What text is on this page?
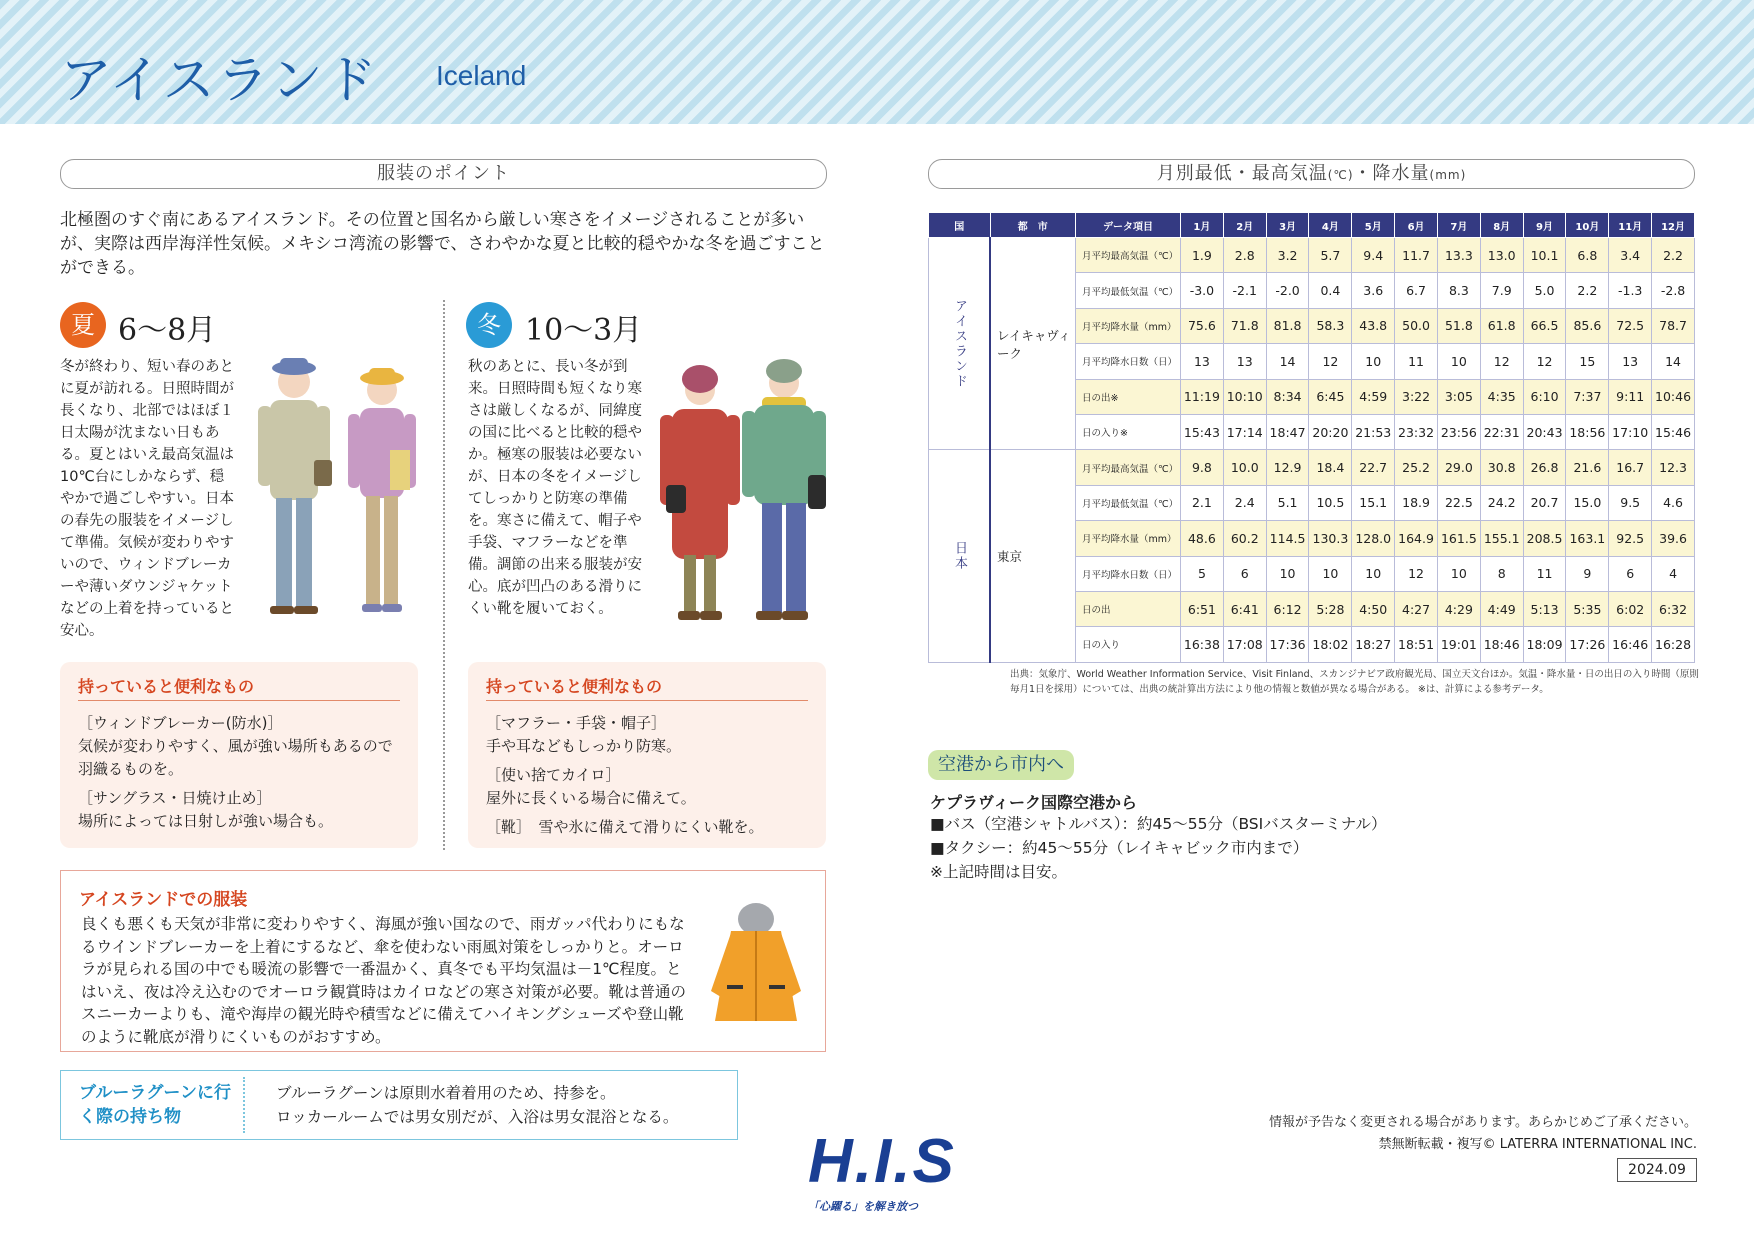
アイスランド Iceland
服装のポイント
北極圏のすぐ南にあるアイスランド。その位置と国名から厳しい寒さをイメージされることが多いが、実際は西岸海洋性気候。メキシコ湾流の影響で、さわやかな夏と比較的穏やかな冬を過ごすことができる。
夏 6〜8月
冬が終わり、短い春のあとに夏が訪れる。日照時間が長くなり、北部ではほぼ１日太陽が沈まない日もある。夏とはいえ最高気温は10℃台にしかならず、穏やかで過ごしやすい。日本の春先の服装をイメージして準備。気候が変わりやすいので、ウィンドブレーカーや薄いダウンジャケットなどの上着を持っていると安心。
冬 10〜3月
秋のあとに、長い冬が到来。日照時間も短くなり寒さは厳しくなるが、同緯度の国に比べると比較的穏やか。極寒の服装は必要ないが、日本の冬をイメージしてしっかりと防寒の準備を。寒さに備えて、帽子や手袋、マフラーなどを準備。調節の出来る服装が安心。底が凹凸のある滑りにくい靴を履いておく。
持っていると便利なもの

［ウィンドブレーカー(防水)］
気候が変わりやすく、風が強い場所もあるので羽織るものを。

［サングラス・日焼け止め］
場所によっては日射しが強い場合も。

持っていると便利なもの

［マフラー・手袋・帽子］
手や耳などもしっかり防寒。

［使い捨てカイロ］
屋外に長くいる場合に備えて。

［靴］　 雪や氷に備えて滑りにくい靴を。

アイスランドでの服装
良くも悪くも天気が非常に変わりやすく、海風が強い国なので、雨ガッパ代わりにもなるウインドブレーカーを上着にするなど、傘を使わない雨風対策をしっかりと。オーロラが見られる国の中でも暖流の影響で一番温かく、真冬でも平均気温は－1℃程度。とはいえ、夜は冷え込むのでオーロラ観賞時はカイロなどの寒さ対策が必要。靴は普通のスニーカーよりも、滝や海岸の観光時や積雪などに備えてハイキングシューズや登山靴のように靴底が滑りにくいものがおすすめ。
ブルーラグーンに行く際の持ち物
ブルーラグーンは原則水着着用のため、持参を。
ロッカールームでは男女別だが、入浴は男女混浴となる。
月別最低・最高気温(℃)・降水量(mm)
国	都　市	データ項目	1月	2月	3月	4月	5月	6月	7月	8月	9月	10月	11月	12月
アイスランド	レイキャヴィーク	月平均最高気温（℃）	1.9	2.8	3.2	5.7	9.4	11.7	13.3	13.0	10.1	6.8	3.4	2.2
		月平均最低気温（℃）	-3.0	-2.1	-2.0	0.4	3.6	6.7	8.3	7.9	5.0	2.2	-1.3	-2.8
		月平均降水量（mm）	75.6	71.8	81.8	58.3	43.8	50.0	51.8	61.8	66.5	85.6	72.5	78.7
		月平均降水日数（日）	13	13	14	12	10	11	10	12	12	15	13	14
		日の出※	11:19	10:10	8:34	6:45	4:59	3:22	3:05	4:35	6:10	7:37	9:11	10:46
		日の入り※	15:43	17:14	18:47	20:20	21:53	23:32	23:56	22:31	20:43	18:56	17:10	15:46
日本	東京	月平均最高気温（℃）	9.8	10.0	12.9	18.4	22.7	25.2	29.0	30.8	26.8	21.6	16.7	12.3
		月平均最低気温（℃）	2.1	2.4	5.1	10.5	15.1	18.9	22.5	24.2	20.7	15.0	9.5	4.6
		月平均降水量（mm）	48.6	60.2	114.5	130.3	128.0	164.9	161.5	155.1	208.5	163.1	92.5	39.6
		月平均降水日数（日）	5	6	10	10	10	12	10	8	11	9	6	4
		日の出	6:51	6:41	6:12	5:28	4:50	4:27	4:29	4:49	5:13	5:35	6:02	6:32
		日の入り	16:38	17:08	17:36	18:02	18:27	18:51	19:01	18:46	18:09	17:26	16:46	16:28
出典：気象庁、World Weather Information Service、Visit Finland、スカンジナビア政府観光局、国立天文台ほか。気温・降水量・日の出日の入り時間（原則毎月1日を採用）については、出典の統計算出方法により他の情報と数値が異なる場合がある。 ※は、計算による参考データ。
空港から市内へ
ケプラヴィーク国際空港から
■バス（空港シャトルバス）：約45〜55分（BSIバスターミナル）
■タクシー：約45〜55分（レイキャビック市内まで）
※上記時間は目安。
H.I.S
「心躍る」を解き放つ
情報が予告なく変更される場合があります。あらかじめご了承ください。
禁無断転載・複写© LATERRA INTERNATIONAL INC.
2024.09
